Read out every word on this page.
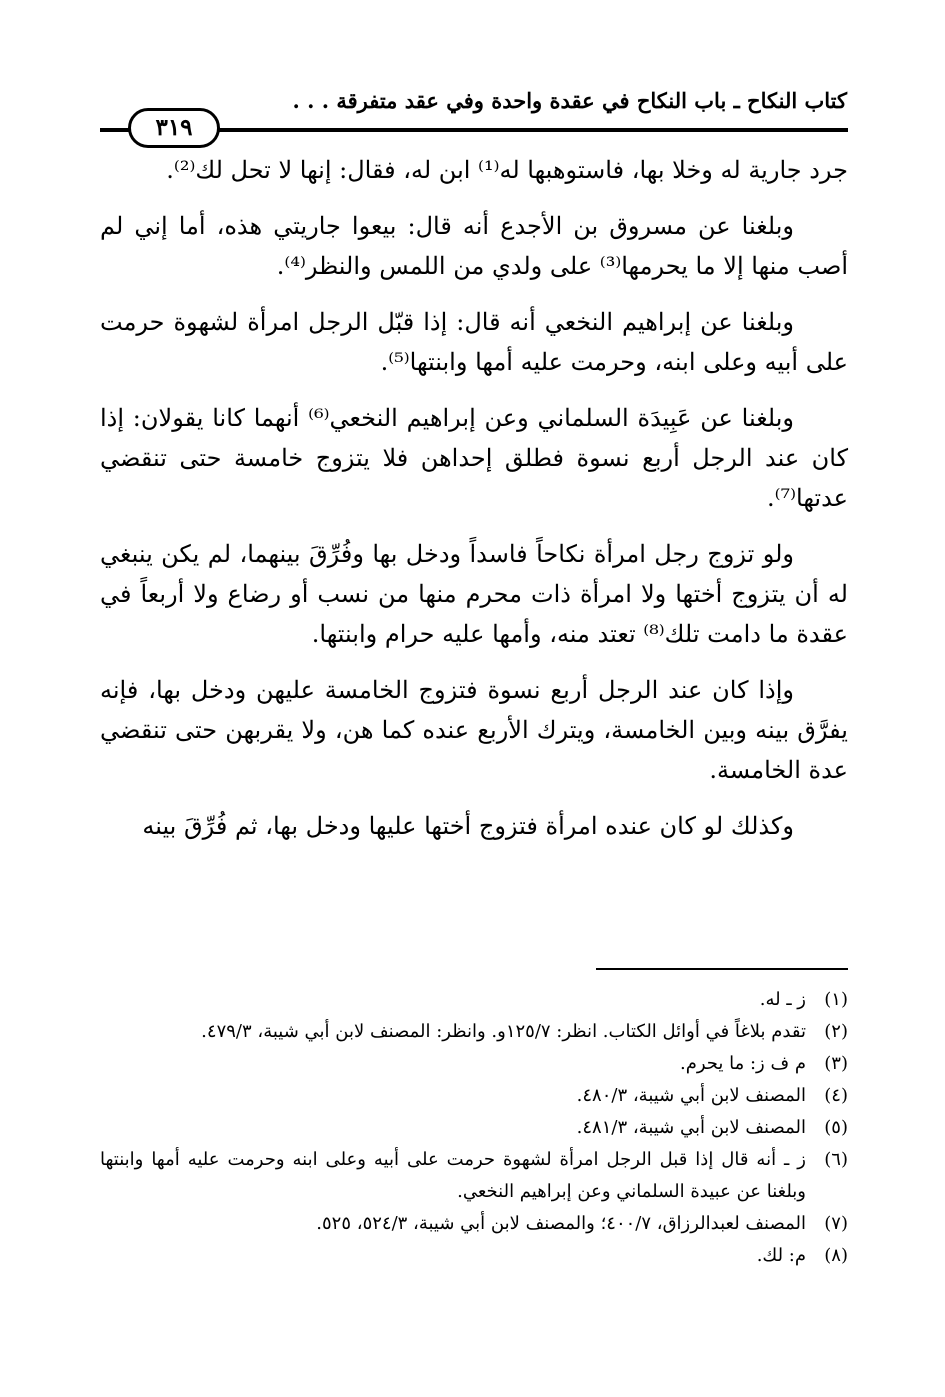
كتاب النكاح ـ باب النكاح في عقدة واحدة وفي عقد متفرقة . . .
٣١٩

جرد جارية له وخلا بها، فاستوهبها له⁽¹⁾ ابن له، فقال: إنها لا تحل لك⁽²⁾.

وبلغنا عن مسروق بن الأجدع أنه قال: بيعوا جاريتي هذه، أما إني لم أصب منها إلا ما يحرمها⁽³⁾ على ولدي من اللمس والنظر⁽⁴⁾.

وبلغنا عن إبراهيم النخعي أنه قال: إذا قبّل الرجل امرأة لشهوة حرمت على أبيه وعلى ابنه، وحرمت عليه أمها وابنتها⁽⁵⁾.

وبلغنا عن عَبِيدَة السلماني وعن إبراهيم النخعي⁽⁶⁾ أنهما كانا يقولان: إذا كان عند الرجل أربع نسوة فطلق إحداهن فلا يتزوج خامسة حتى تنقضي عدتها⁽⁷⁾.

ولو تزوج رجل امرأة نكاحاً فاسداً ودخل بها وفُرِّقَ بينهما، لم يكن ينبغي له أن يتزوج أختها ولا امرأة ذات محرم منها من نسب أو رضاع ولا أربعاً في عقدة ما دامت تلك⁽⁸⁾ تعتد منه، وأمها عليه حرام وابنتها.

وإذا كان عند الرجل أربع نسوة فتزوج الخامسة عليهن ودخل بها، فإنه يفرَّق بينه وبين الخامسة، ويترك الأربع عنده كما هن، ولا يقربهن حتى تنقضي عدة الخامسة.

وكذلك لو كان عنده امرأة فتزوج أختها عليها ودخل بها، ثم فُرِّقَ بينه

(١)
ز ـ له.
(٢)
تقدم بلاغاً في أوائل الكتاب. انظر: ١٢٥/٧و. وانظر: المصنف لابن أبي شيبة، ٤٧٩/٣.
(٣)
م ف ز: ما يحرم.
(٤)
المصنف لابن أبي شيبة، ٤٨٠/٣.
(٥)
المصنف لابن أبي شيبة، ٤٨١/٣.
(٦)
ز ـ أنه قال إذا قبل الرجل امرأة لشهوة حرمت على أبيه وعلى ابنه وحرمت عليه أمها وابنتها وبلغنا عن عبيدة السلماني وعن إبراهيم النخعي.
(٧)
المصنف لعبدالرزاق، ٤٠٠/٧؛ والمصنف لابن أبي شيبة، ٥٢٤/٣، ٥٢٥.
(٨)
م: لك.
